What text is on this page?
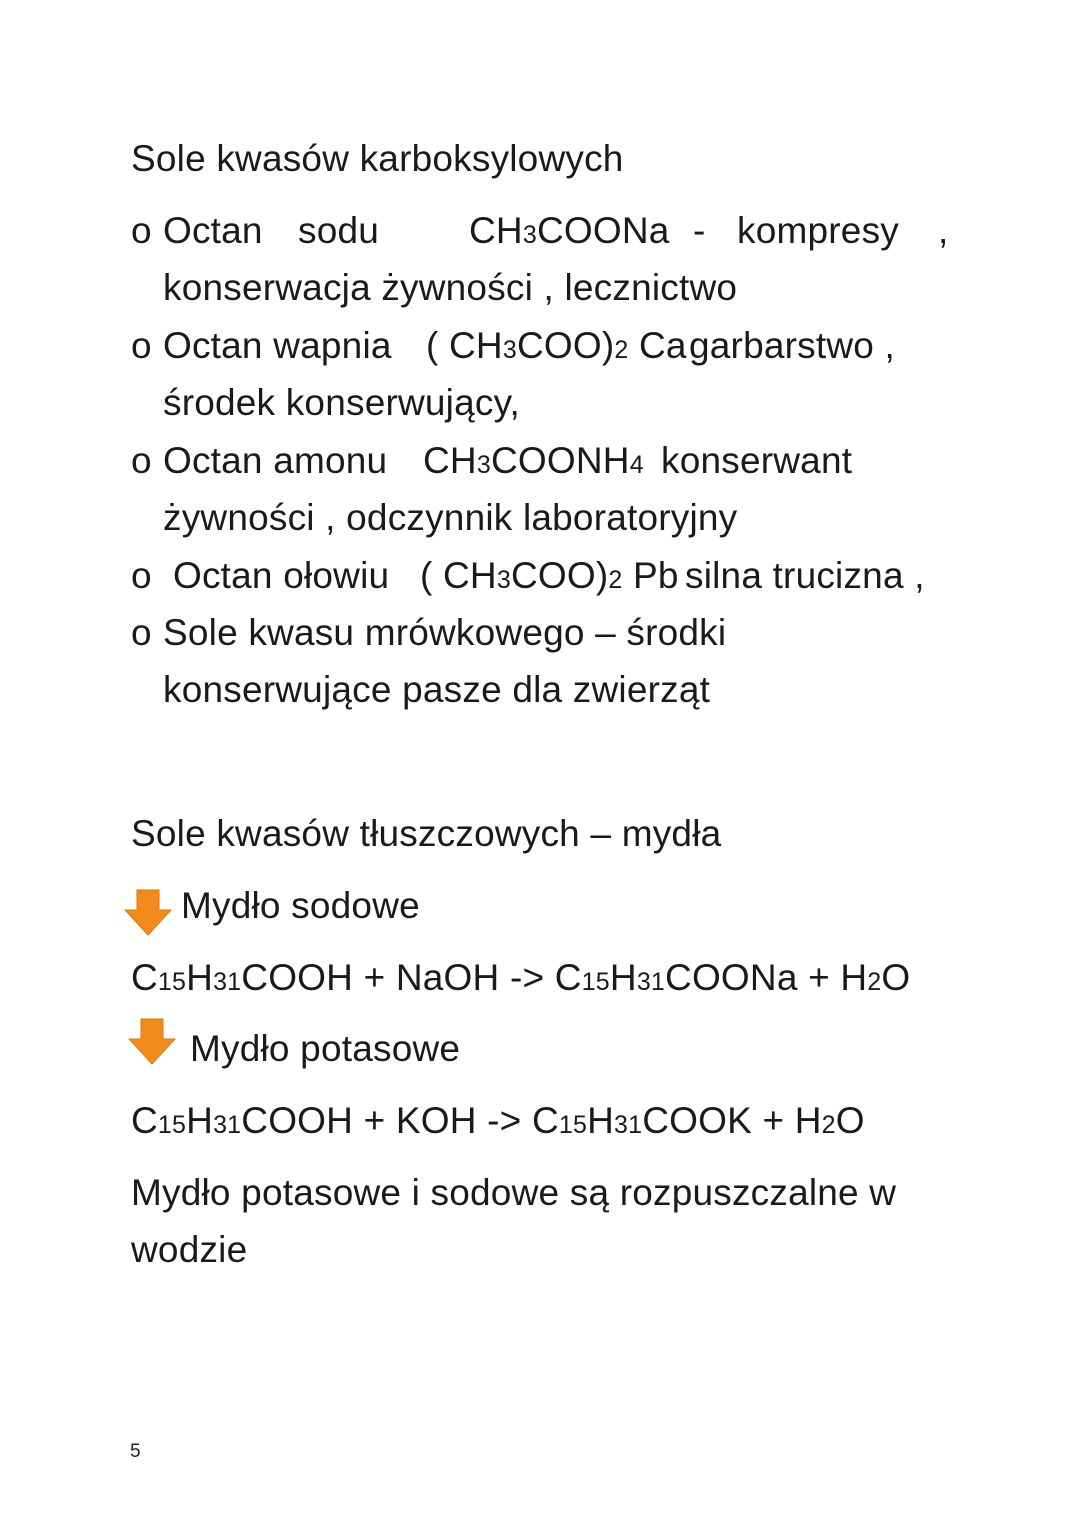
Sole kwasów karboksylowych
o Octan sodu CH3COONa - kompresy ,
konserwacja żywności , lecznictwo
o Octan wapnia ( CH3COO)2 Ca garbarstwo ,
środek konserwujący,
o Octan amonu CH3COONH4 konserwant
żywności , odczynnik laboratoryjny
o Octan ołowiu ( CH3COO)2 Pb silna trucizna ,
o Sole kwasu mrówkowego – środki
konserwujące pasze dla zwierząt
Sole kwasów tłuszczowych – mydła
Mydło sodowe
C15H31COOH + NaOH -> C15H31COONa + H2O
Mydło potasowe
C15H31COOH + KOH -> C15H31COOK + H2O
Mydło potasowe i sodowe są rozpuszczalne w
wodzie
5
